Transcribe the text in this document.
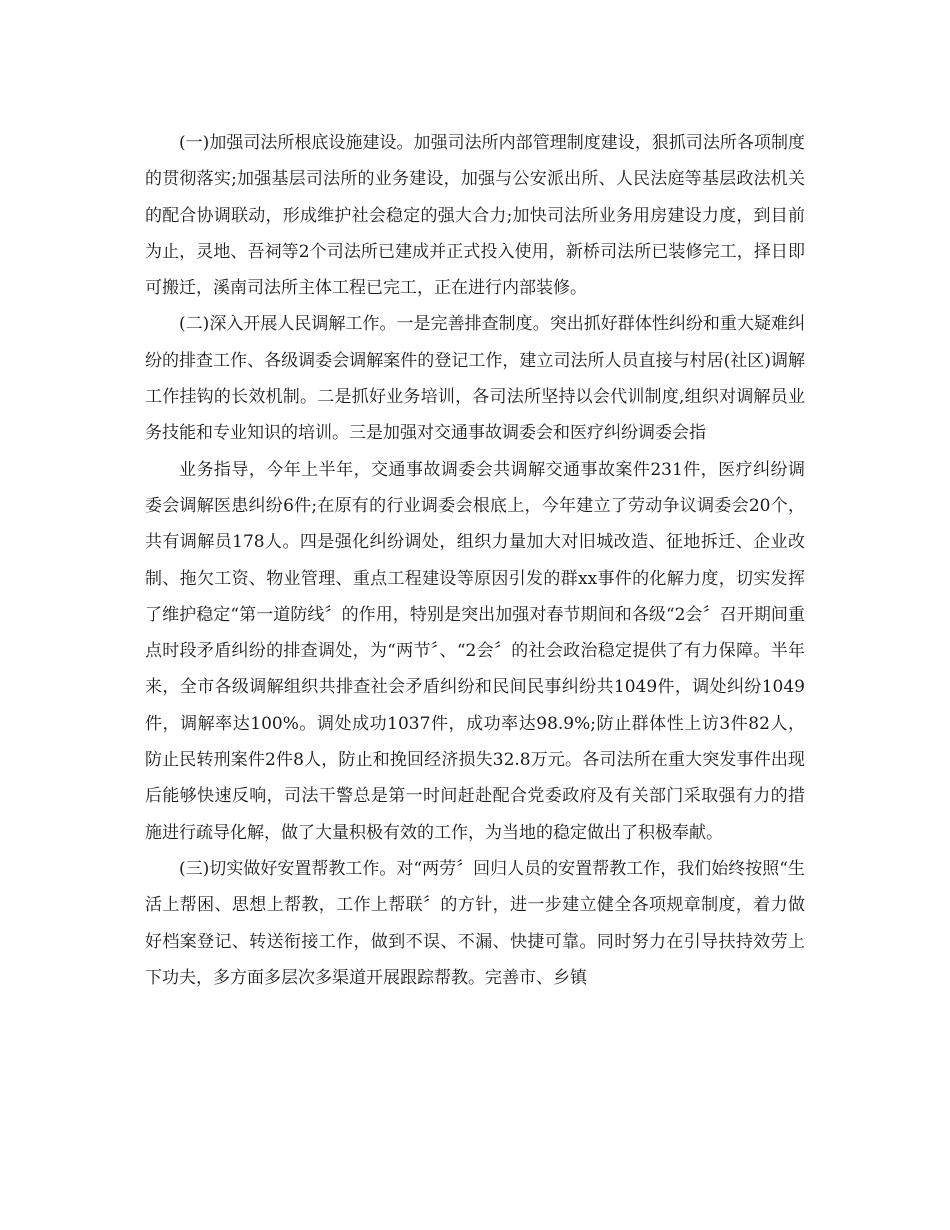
(一)加强司法所根底设施建设。加强司法所内部管理制度建设，狠抓司法所各项制度的贯彻落实;加强基层司法所的业务建设，加强与公安派出所、人民法庭等基层政法机关的配合协调联动，形成维护社会稳定的强大合力;加快司法所业务用房建设力度，到目前为止，灵地、吾祠等2个司法所已建成并正式投入使用，新桥司法所已装修完工，择日即可搬迁，溪南司法所主体工程已完工，正在进行内部装修。

(二)深入开展人民调解工作。一是完善排查制度。突出抓好群体性纠纷和重大疑难纠纷的排查工作、各级调委会调解案件的登记工作，建立司法所人员直接与村居(社区)调解工作挂钩的长效机制。二是抓好业务培训，各司法所坚持以会代训制度,组织对调解员业务技能和专业知识的培训。三是加强对交通事故调委会和医疗纠纷调委会指

业务指导，今年上半年，交通事故调委会共调解交通事故案件231件，医疗纠纷调委会调解医患纠纷6件;在原有的行业调委会根底上，今年建立了劳动争议调委会20个，共有调解员178人。四是强化纠纷调处，组织力量加大对旧城改造、征地拆迁、企业改制、拖欠工资、物业管理、重点工程建设等原因引发的群xx事件的化解力度，切实发挥了维护稳定“第一道防线〞的作用，特别是突出加强对春节期间和各级“2会〞召开期间重点时段矛盾纠纷的排查调处，为“两节〞、“2会〞的社会政治稳定提供了有力保障。半年来，全市各级调解组织共排查社会矛盾纠纷和民间民事纠纷共1049件，调处纠纷1049件，调解率达100%。调处成功1037件，成功率达98.9%;防止群体性上访3件82人，防止民转刑案件2件8人，防止和挽回经济损失32.8万元。各司法所在重大突发事件出现后能够快速反响，司法干警总是第一时间赶赴配合党委政府及有关部门采取强有力的措施进行疏导化解，做了大量积极有效的工作，为当地的稳定做出了积极奉献。

(三)切实做好安置帮教工作。对“两劳〞回归人员的安置帮教工作，我们始终按照“生活上帮困、思想上帮教，工作上帮联〞的方针，进一步建立健全各项规章制度，着力做好档案登记、转送衔接工作，做到不误、不漏、快捷可靠。同时努力在引导扶持效劳上下功夫，多方面多层次多渠道开展跟踪帮教。完善市、乡镇
